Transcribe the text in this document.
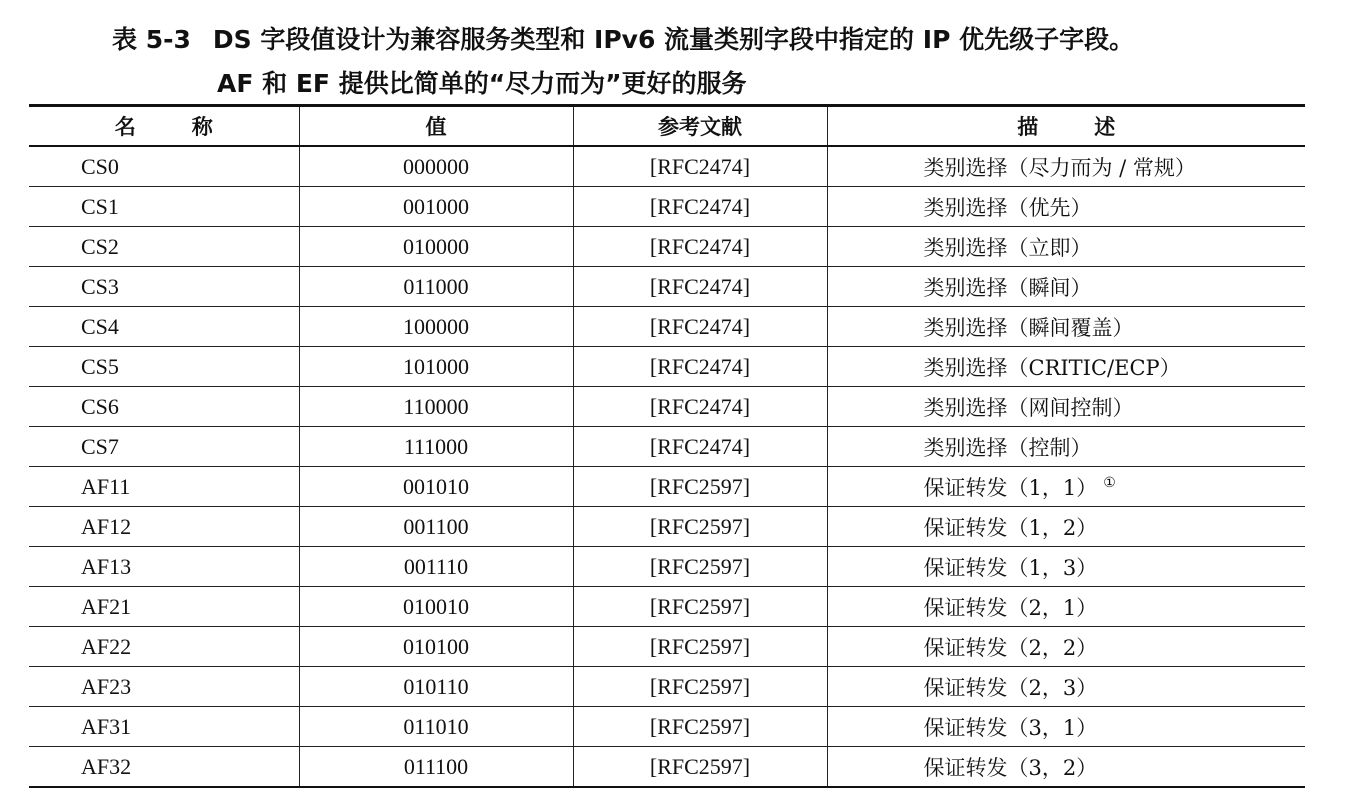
表 5-3 DS 字段值设计为兼容服务类型和 IPv6 流量类别字段中指定的 IP 优先级子字段。
AF 和 EF 提供比简单的“尽力而为”更好的服务
名称	值	参考文献	描述
CS0	000000	[RFC2474]	类别选择（尽力而为 / 常规）
CS1	001000	[RFC2474]	类别选择（优先）
CS2	010000	[RFC2474]	类别选择（立即）
CS3	011000	[RFC2474]	类别选择（瞬间）
CS4	100000	[RFC2474]	类别选择（瞬间覆盖）
CS5	101000	[RFC2474]	类别选择（CRITIC/ECP）
CS6	110000	[RFC2474]	类别选择（网间控制）
CS7	111000	[RFC2474]	类别选择（控制）
AF11	001010	[RFC2597]	保证转发（1，1） ①
AF12	001100	[RFC2597]	保证转发（1，2）
AF13	001110	[RFC2597]	保证转发（1，3）
AF21	010010	[RFC2597]	保证转发（2，1）
AF22	010100	[RFC2597]	保证转发（2，2）
AF23	010110	[RFC2597]	保证转发（2，3）
AF31	011010	[RFC2597]	保证转发（3，1）
AF32	011100	[RFC2597]	保证转发（3，2）
